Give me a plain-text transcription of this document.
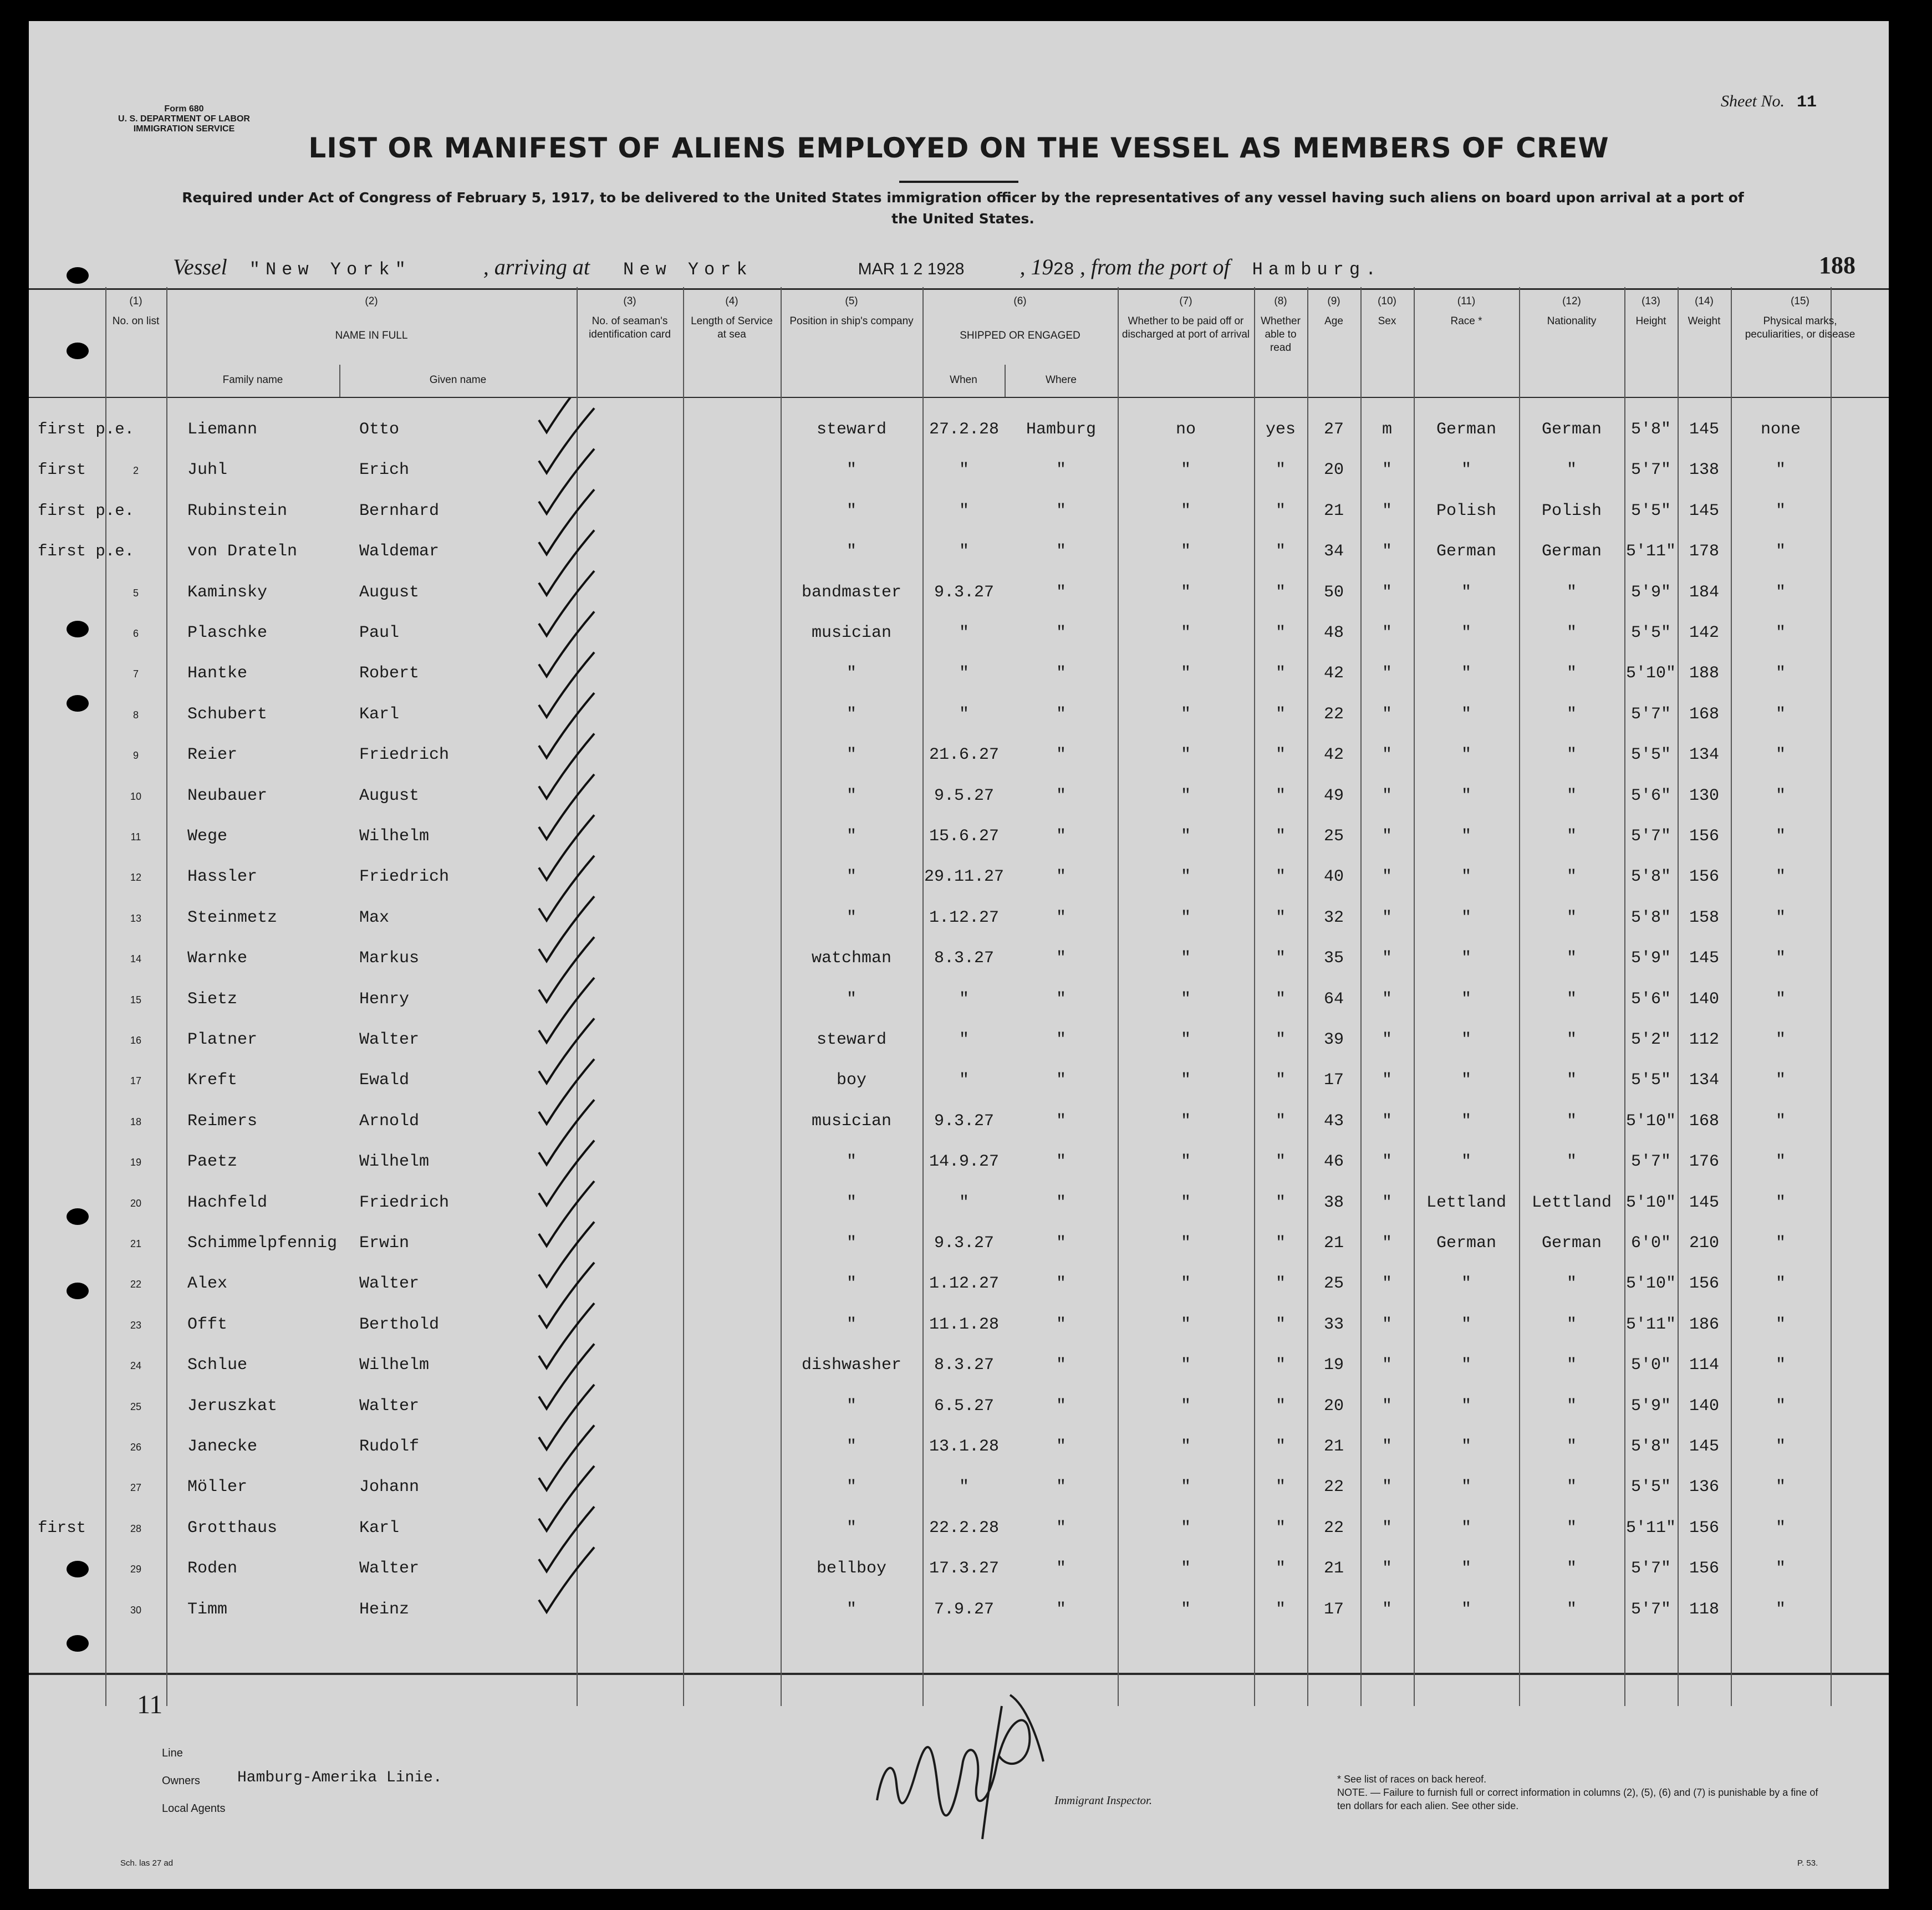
Form 680
U. S. DEPARTMENT OF LABOR
IMMIGRATION SERVICE
Sheet No. 11
LIST OR MANIFEST OF ALIENS EMPLOYED ON THE VESSEL AS MEMBERS OF CREW
Required under Act of Congress of February 5, 1917, to be delivered to the United States immigration officer by the representatives of any vessel having such aliens on board upon arrival at a port of the United States.
Vessel "New York"	, arriving at New York	MAR 1 2 1928	, 1928 , from the port of Hamburg.	188
(1)
No. on list
(2)
NAME IN FULL
Family name	Given name
(3)
No. of seaman's identification card
(4)
Length of Service at sea
(5)
Position in ship's company
(6)
SHIPPED OR ENGAGED
When	Where
(7)
Whether to be paid off or discharged at port of arrival
(8)
Whether able to read
(9)
Age
(10)
Sex
(11)
Race *
(12)
Nationality
(13)
Height
(14)
Weight
(15)
Physical marks, peculiarities, or disease
first p.e.	Liemann	Otto	steward	27.2.28	Hamburg	no	yes	27	m	German	German	5'8"	145	none
first	2	Juhl	Erich	"	"	"	"	"	20	"	"	"	5'7"	138	"
first p.e.	Rubinstein	Bernhard	"	"	"	"	"	21	"	Polish	Polish	5'5"	145	"
first p.e.	von Drateln	Waldemar	"	"	"	"	"	34	"	German	German	5'11" 178	"
5	Kaminsky	August	bandmaster	9.3.27	"	"	"	50	"	"	"	5'9"	184	"
6	Plaschke	Paul	musician	"	"	"	"	48	"	"	"	5'5"	142	"
7	Hantke	Robert	"	"	"	"	"	42	"	"	"	5'10" 188	"
8	Schubert	Karl	"	"	"	"	"	22	"	"	"	5'7"	168	"
9	Reier	Friedrich	"	21.6.27	"	"	"	42	"	"	"	5'5"	134	"
10	Neubauer	August	"	9.5.27	"	"	"	49	"	"	"	5'6"	130	"
11	Wege	Wilhelm	"	15.6.27	"	"	"	25	"	"	"	5'7"	156	"
12	Hassler	Friedrich	"	29.11.27	"	"	"	40	"	"	"	5'8"	156	"
13	Steinmetz	Max	"	1.12.27	"	"	"	32	"	"	"	5'8"	158	"
14	Warnke	Markus	watchman	8.3.27	"	"	"	35	"	"	"	5'9"	145	"
15	Sietz	Henry	"	"	"	"	"	64	"	"	"	5'6"	140	"
16	Platner	Walter	steward	"	"	"	"	39	"	"	"	5'2"	112	"
17	Kreft	Ewald	boy	"	"	"	"	17	"	"	"	5'5"	134	"
18	Reimers	Arnold	musician	9.3.27	"	"	"	43	"	"	"	5'10" 168	"
19	Paetz	Wilhelm	"	14.9.27	"	"	"	46	"	"	"	5'7"	176	"
20	Hachfeld	Friedrich	"	"	"	"	"	38	"	Lettland	Lettland 5'10" 145	"
21	Schimmelpfennig	Erwin	"	9.3.27	"	"	"	21	"	German	German	6'0"	210	"
22	Alex	Walter	"	1.12.27	"	"	"	25	"	"	"	5'10" 156	"
23	Offt	Berthold	"	11.1.28	"	"	"	33	"	"	"	5'11" 186	"
24	Schlue	Wilhelm	dishwasher	8.3.27	"	"	"	19	"	"	"	5'0"	114	"
25	Jeruszkat	Walter	"	6.5.27	"	"	"	20	"	"	"	5'9"	140	"
26	Janecke	Rudolf	"	13.1.28	"	"	"	21	"	"	"	5'8"	145	"
27	Möller	Johann	"	"	"	"	"	22	"	"	"	5'5"	136	"
first	28	Grotthaus	Karl	"	22.2.28	"	"	"	22	"	"	"	5'11" 156	"
29	Roden	Walter	bellboy	17.3.27	"	"	"	21	"	"	"	5'7"	156	"
30	Timm	Heinz	"	7.9.27	"	"	"	17	"	"	"	5'7"	118	"
11
Line
Owners Hamburg-Amerika Linie.
Local Agents
Immigrant Inspector.
* See list of races on back hereof.
NOTE. — Failure to furnish full or correct information in columns (2), (5), (6) and (7) is punishable by a fine of ten dollars for each alien. See other side.
Sch. las 27 ad	P. 53.
